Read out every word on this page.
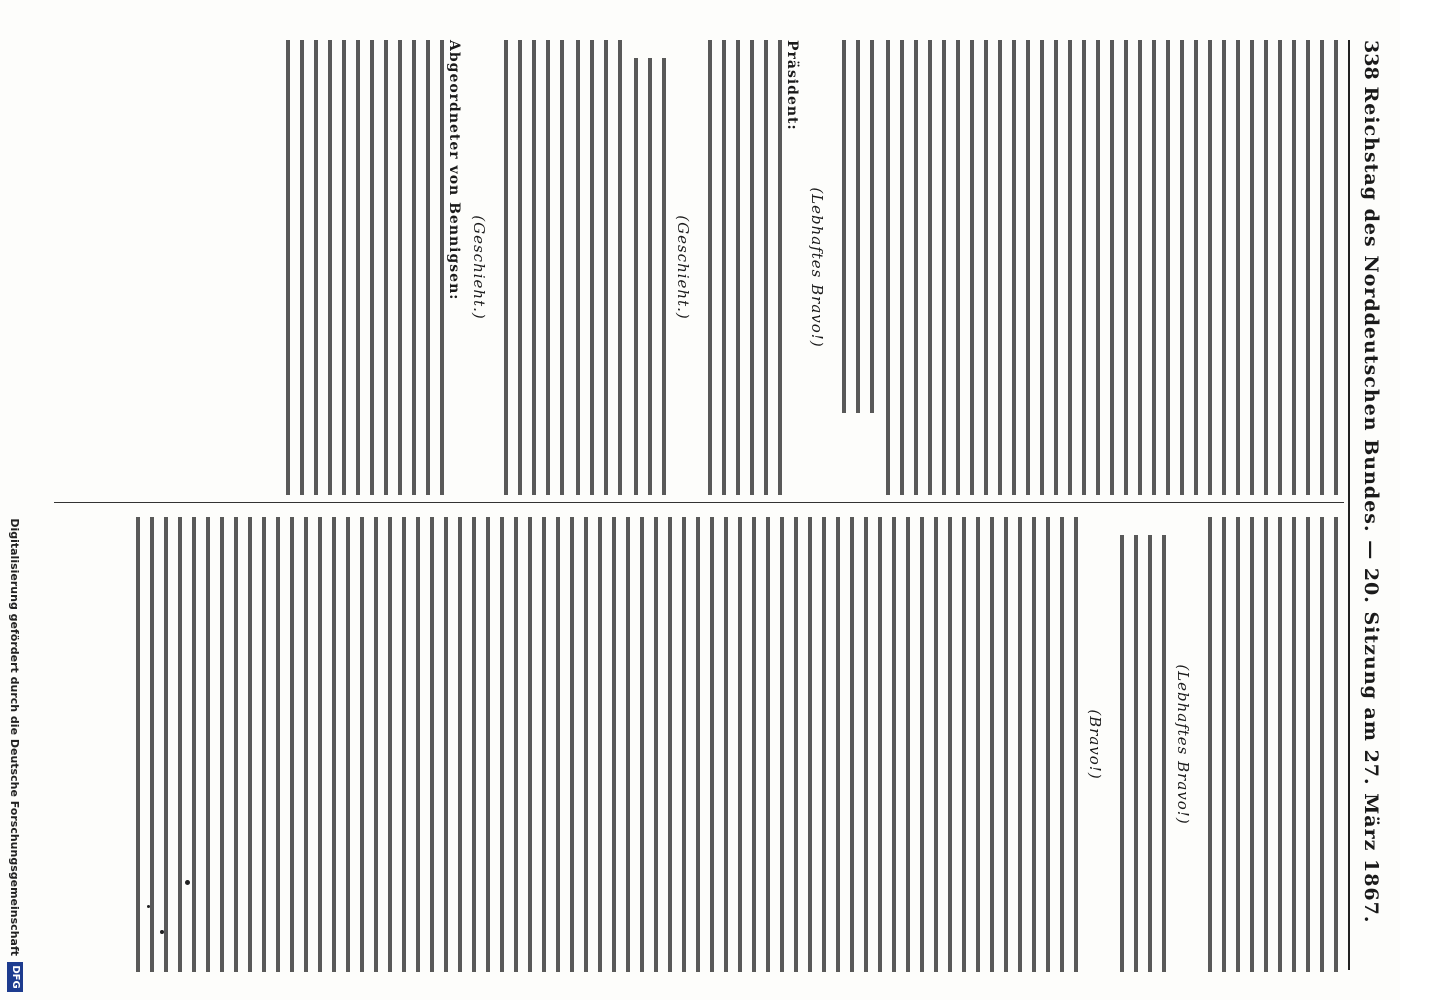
338
Reichstag des Norddeutschen Bundes. — 20. Sitzung am 27. März 1867.
(Lebhaftes Bravo!)
Präsident:
(Geschieht.)
(Geschieht.)
Abgeordneter von Bennigsen:
(Lebhaftes Bravo!)
(Bravo!)
Digitalisierung gefördert durch die Deutsche Forschungsgemeinschaft
DFG
